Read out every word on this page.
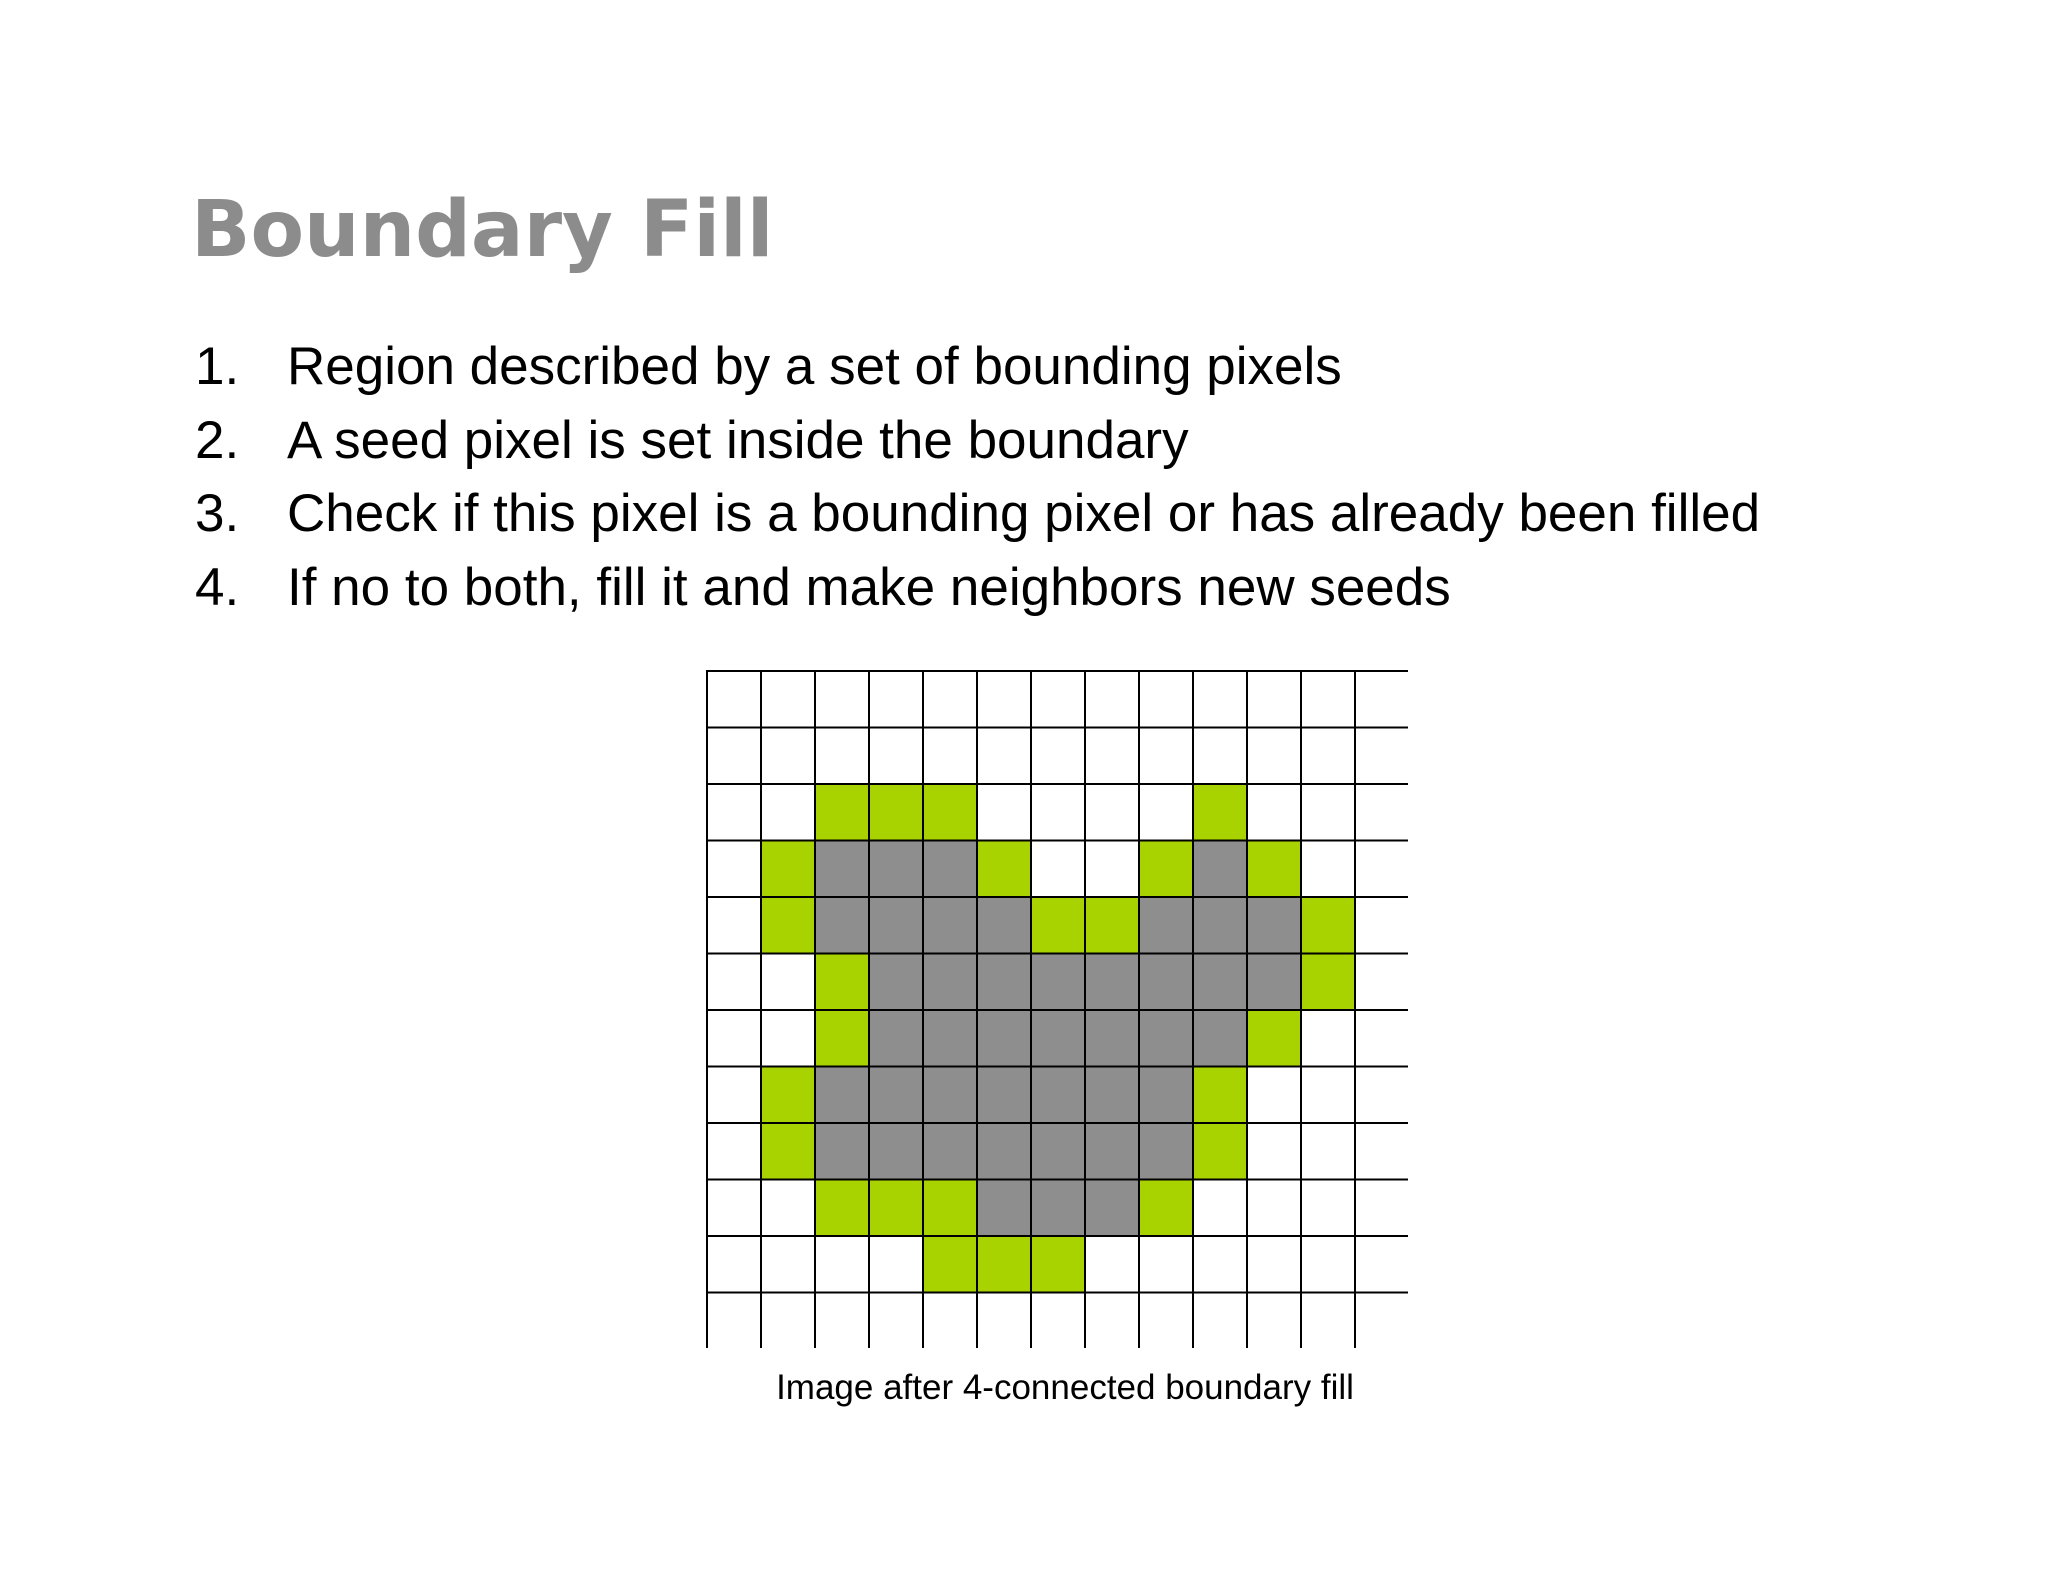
Boundary Fill
1. Region described by a set of bounding pixels
2. A seed pixel is set inside the boundary
3. Check if this pixel is a bounding pixel or has already been filled
4. If no to both, fill it and make neighbors new seeds

Image after 4-connected boundary fill
